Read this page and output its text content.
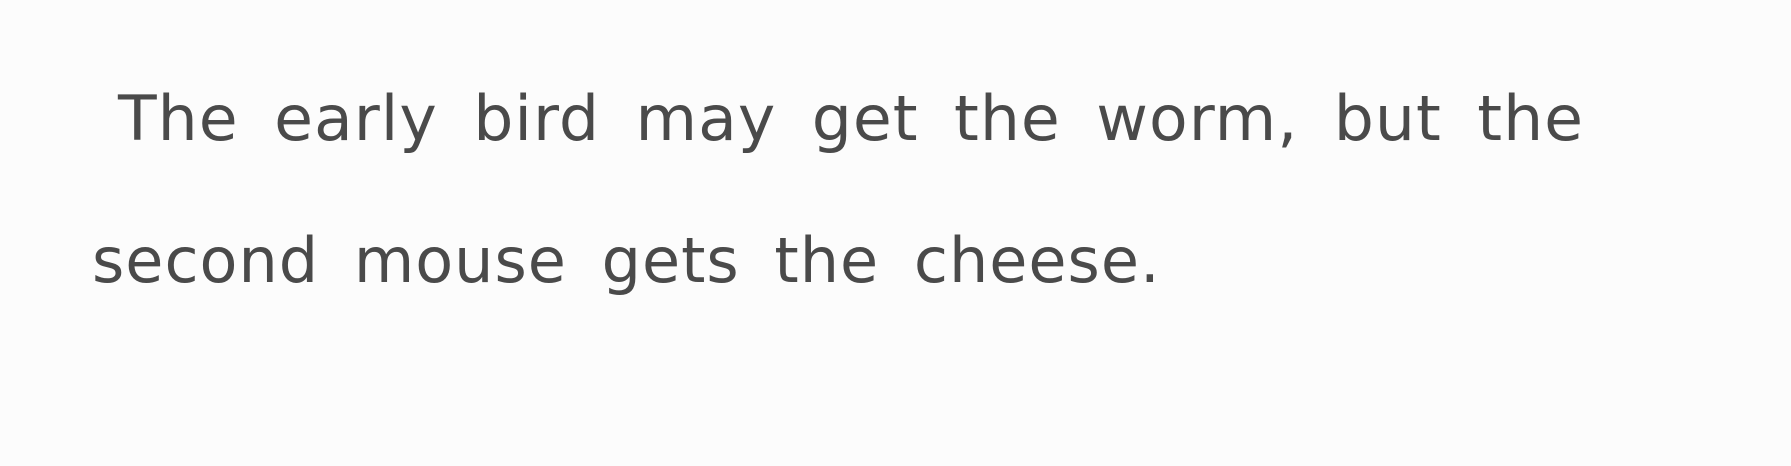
The early bird may get the worm, but the
second mouse gets the cheese.
